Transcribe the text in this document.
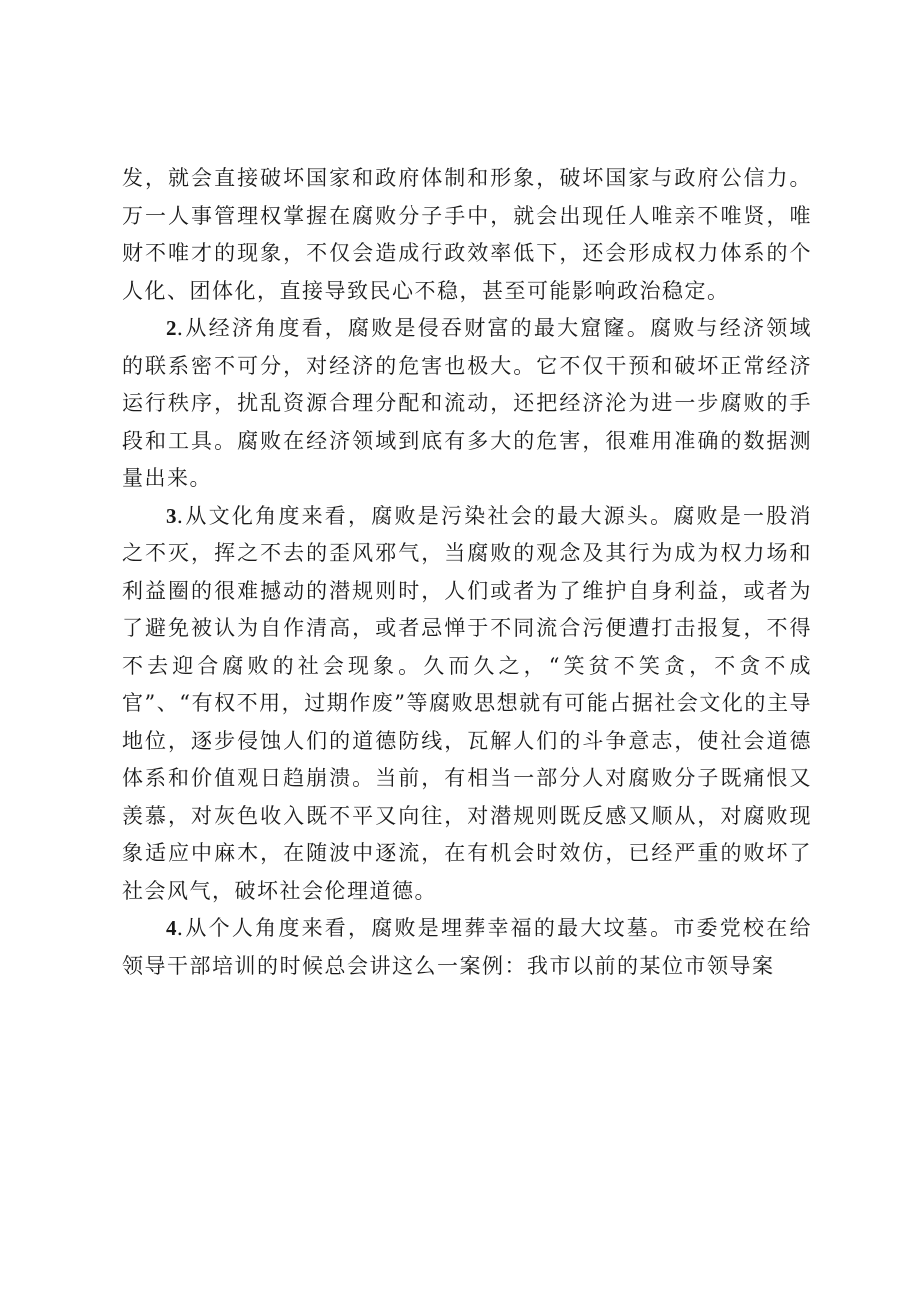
发，就会直接破坏国家和政府体制和形象，破坏国家与政府公信力。万一人事管理权掌握在腐败分子手中，就会出现任人唯亲不唯贤，唯财不唯才的现象，不仅会造成行政效率低下，还会形成权力体系的个人化、团体化，直接导致民心不稳，甚至可能影响政治稳定。

2.从经济角度看，腐败是侵吞财富的最大窟窿。腐败与经济领域的联系密不可分，对经济的危害也极大。它不仅干预和破坏正常经济运行秩序，扰乱资源合理分配和流动，还把经济沦为进一步腐败的手段和工具。腐败在经济领域到底有多大的危害，很难用准确的数据测量出来。

3.从文化角度来看，腐败是污染社会的最大源头。腐败是一股消之不灭，挥之不去的歪风邪气，当腐败的观念及其行为成为权力场和利益圈的很难撼动的潜规则时，人们或者为了维护自身利益，或者为了避免被认为自作清高，或者忌惮于不同流合污便遭打击报复，不得不去迎合腐败的社会现象。久而久之，“笑贫不笑贪，不贪不成官”、“有权不用，过期作废”等腐败思想就有可能占据社会文化的主导地位，逐步侵蚀人们的道德防线，瓦解人们的斗争意志，使社会道德体系和价值观日趋崩溃。当前，有相当一部分人对腐败分子既痛恨又羡慕，对灰色收入既不平又向往，对潜规则既反感又顺从，对腐败现象适应中麻木，在随波中逐流，在有机会时效仿，已经严重的败坏了社会风气，破坏社会伦理道德。

4.从个人角度来看，腐败是埋葬幸福的最大坟墓。市委党校在给领导干部培训的时候总会讲这么一案例：我市以前的某位市领导案
